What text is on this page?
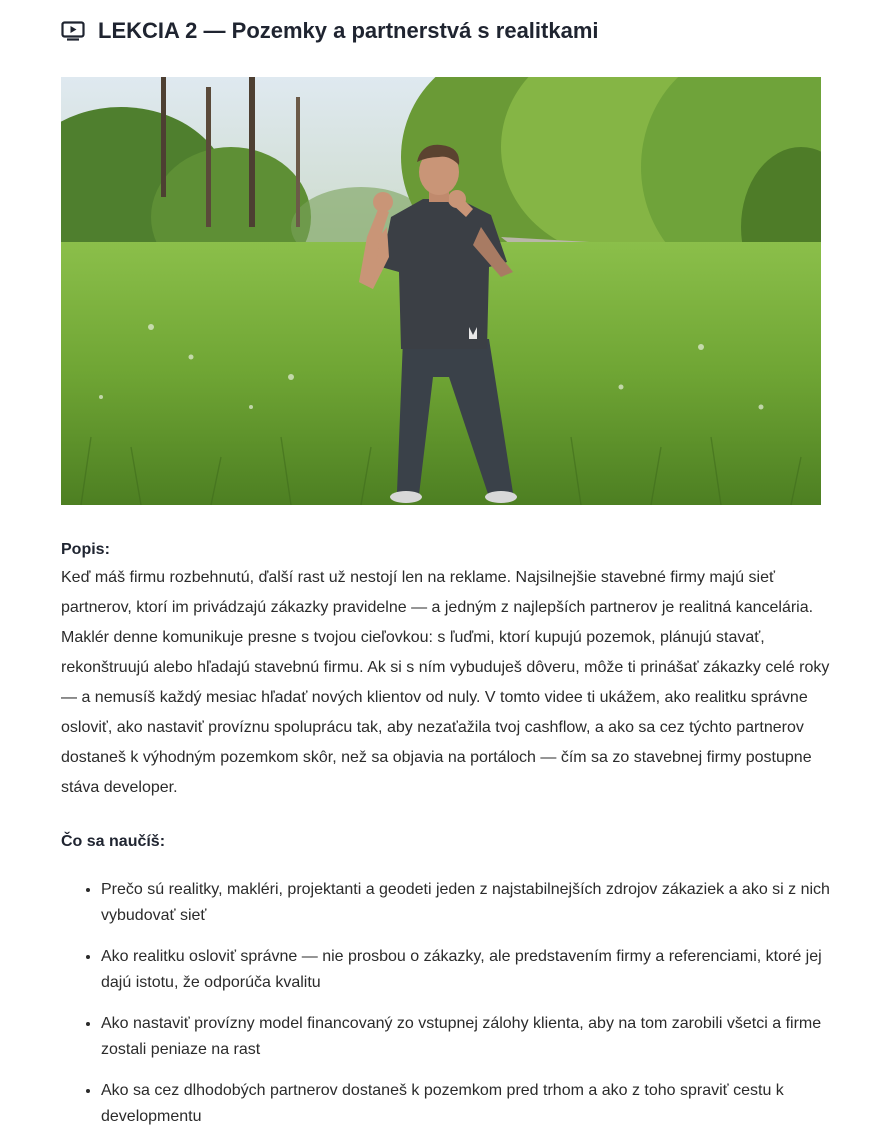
LEKCIA 2 — Pozemky a partnerstvá s realitkami

Popis:

Keď máš firmu rozbehnutú, ďalší rast už nestojí len na reklame. Najsilnejšie stavebné firmy majú sieť partnerov, ktorí im privádzajú zákazky pravidelne — a jedným z najlepších partnerov je realitná kancelária. Maklér denne komunikuje presne s tvojou cieľovkou: s ľuďmi, ktorí kupujú pozemok, plánujú stavať, rekonštruujú alebo hľadajú stavebnú firmu. Ak si s ním vybuduješ dôveru, môže ti prinášať zákazky celé roky — a nemusíš každý mesiac hľadať nových klientov od nuly. V tomto videe ti ukážem, ako realitku správne osloviť, ako nastaviť províznu spoluprácu tak, aby nezaťažila tvoj cashflow, a ako sa cez týchto partnerov dostaneš k výhodným pozemkom skôr, než sa objavia na portáloch — čím sa zo stavebnej firmy postupne stáva developer.

Čo sa naučíš:

• Prečo sú realitky, makléri, projektanti a geodeti jeden z najstabilnejších zdrojov zákaziek a ako si z nich vybudovať sieť
• Ako realitku osloviť správne — nie prosbou o zákazky, ale predstavením firmy a referenciami, ktoré jej dajú istotu, že odporúča kvalitu
• Ako nastaviť provízny model financovaný zo vstupnej zálohy klienta, aby na tom zarobili všetci a firme zostali peniaze na rast
• Ako sa cez dlhodobých partnerov dostaneš k pozemkom pred trhom a ako z toho spraviť cestu k developmentu
